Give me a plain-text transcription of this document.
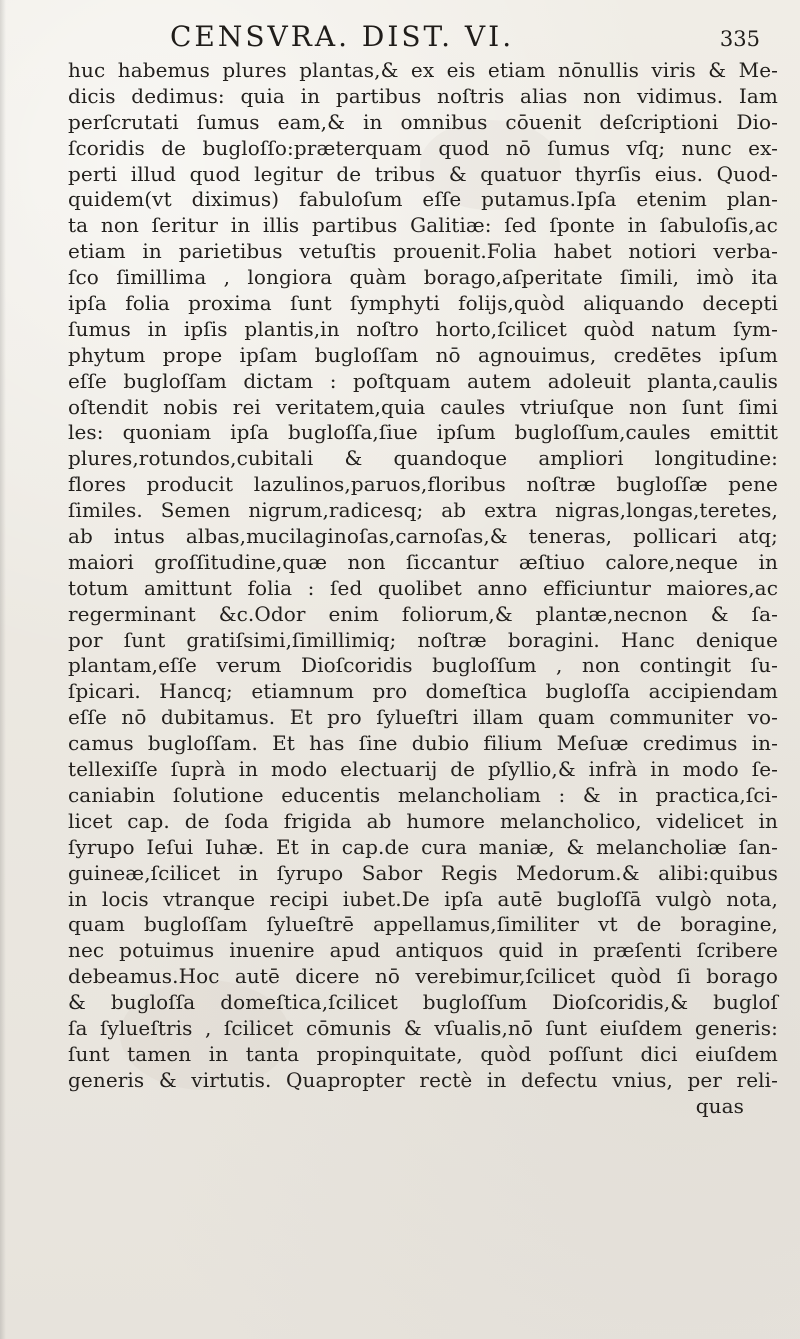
CENSVRA. DIST. VI.	335
huc habemus plures plantas,& ex eis etiam nōnullis viris & Me-
dicis dedimus: quia in partibus noſtris alias non vidimus. Iam
perſcrutati ſumus eam,& in omnibus cōuenit deſcriptioni Dio-
ſcoridis de bugloſſo:prӕterquam quod nō ſumus vſq; nunc ex-
perti illud quod legitur de tribus & quatuor thyrſis eius. Quod-
quidem(vt diximus) fabuloſum eſſe putamus.Ipſa etenim plan-
ta non ſeritur in illis partibus Galitiӕ: ſed ſponte in ſabuloſis,ac
etiam in parietibus vetuſtis prouenit.Folia habet notiori verba-
ſco ſimillima , longiora quàm borago,aſperitate ſimili, imò ita
ipſa folia proxima ſunt ſymphyti folijs,quòd aliquando decepti
ſumus in ipſis plantis,in noſtro horto,ſcilicet quòd natum ſym-
phytum prope ipſam bugloſſam nō agnouimus, credētes ipſum
eſſe bugloſſam dictam : poſtquam autem adoleuit planta,caulis
oſtendit nobis rei veritatem,quia caules vtriuſque non ſunt ſimi
les: quoniam ipſa bugloſſa,ſiue ipſum bugloſſum,caules emittit
plures,rotundos,cubitali & quandoque ampliori longitudine:
flores producit lazulinos,paruos,floribus noſtrӕ bugloſſӕ pene
ſimiles. Semen nigrum,radicesq; ab extra nigras,longas,teretes,
ab intus albas,mucilaginoſas,carnoſas,& teneras, pollicari atq;
maiori groſſitudine,quӕ non ſiccantur ӕſtiuo calore,neque in
totum amittunt folia : ſed quolibet anno efficiuntur maiores,ac
regerminant &c.Odor enim foliorum,& plantӕ,necnon & ſa-
por ſunt gratiſsimi,ſimillimiq; noſtrӕ boragini. Hanc denique
plantam,eſſe verum Dioſcoridis bugloſſum , non contingit ſu-
ſpicari. Hancq; etiamnum pro domeſtica bugloſſa accipiendam
eſſe nō dubitamus. Et pro ſylueſtri illam quam communiter vo-
camus bugloſſam. Et has ſine dubio filium Meſuӕ credimus in-
tellexiſſe ſuprà in modo electuarij de pſyllio,& infrà in modo ſe-
caniabin ſolutione educentis melancholiam : & in practica,ſci-
licet cap. de ſoda frigida ab humore melancholico, videlicet in
ſyrupo Ieſui Iuhӕ. Et in cap.de cura maniӕ, & melancholiӕ ſan-
guineӕ,ſcilicet in ſyrupo Sabor Regis Medorum.& alibi:quibus
in locis vtranque recipi iubet.De ipſa autē bugloſſā vulgò nota,
quam bugloſſam ſylueſtrē appellamus,ſimiliter vt de boragine,
nec potuimus inuenire apud antiquos quid in prӕſenti ſcribere
debeamus.Hoc autē dicere nō verebimur,ſcilicet quòd ſi borago
& bugloſſa domeſtica,ſcilicet bugloſſum Dioſcoridis,& bugloſ
ſa ſylueſtris , ſcilicet cōmunis & vſualis,nō ſunt eiuſdem generis:
ſunt tamen in tanta propinquitate, quòd poſſunt dici eiuſdem
generis & virtutis. Quapropter rectè in defectu vnius, per reli-
quas
